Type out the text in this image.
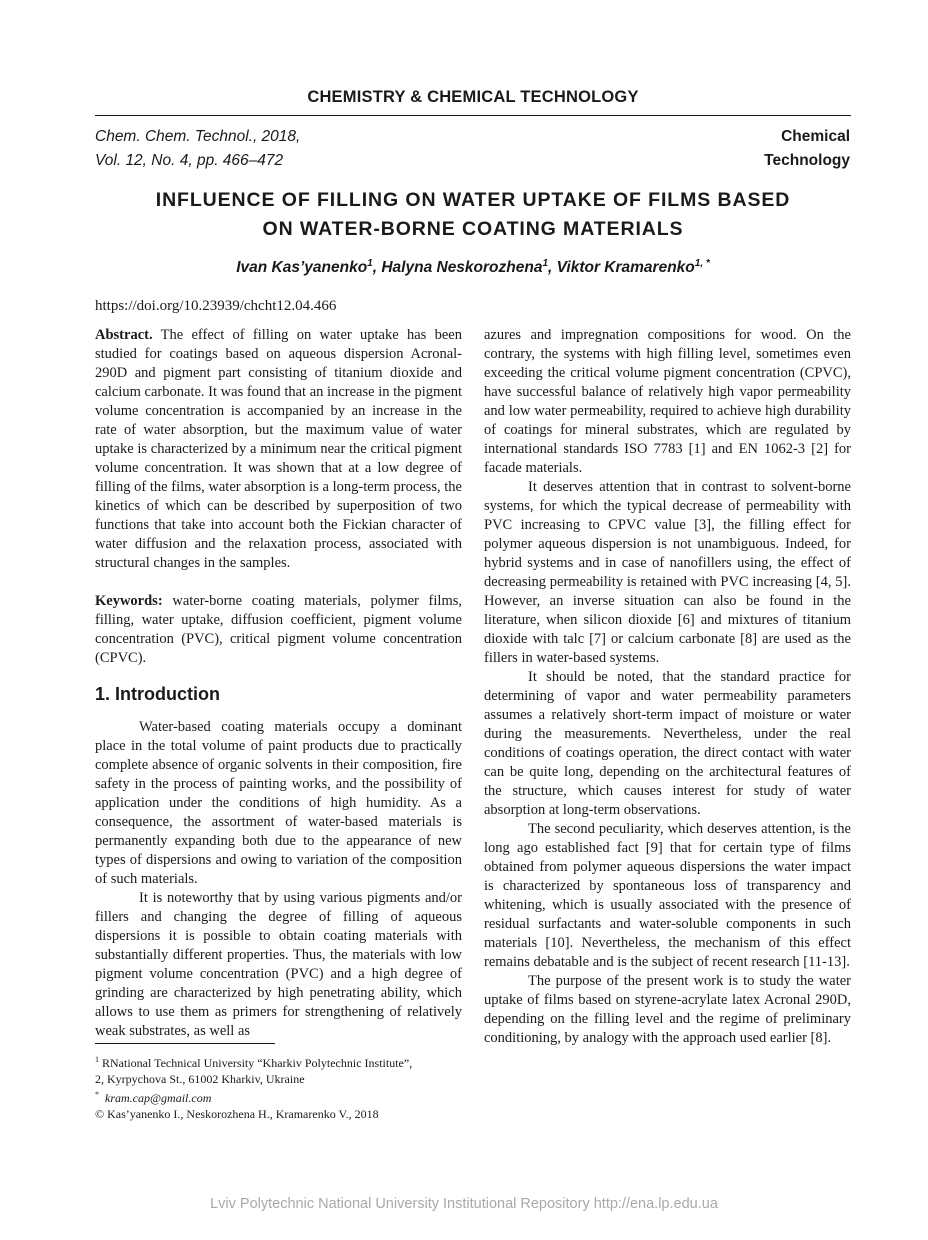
CHEMISTRY & CHEMICAL TECHNOLOGY
Chem. Chem. Technol., 2018,
Vol. 12, No. 4, pp. 466–472
Chemical
Technology
INFLUENCE OF FILLING ON WATER UPTAKE OF FILMS BASED
ON WATER-BORNE COATING MATERIALS
Ivan Kas’yanenko$^1$, Halyna Neskorozhena$^1$, Viktor Kramarenko$^{1, *}$
https://doi.org/10.23939/chcht12.04.466

Abstract. The effect of filling on water uptake has been studied for coatings based on aqueous dispersion Acronal-290D and pigment part consisting of titanium dioxide and calcium carbonate. It was found that an increase in the pigment volume concentration is accompanied by an increase in the rate of water absorption, but the maximum value of water uptake is characterized by a minimum near the critical pigment volume concentration. It was shown that at a low degree of filling of the films, water absorption is a long-term process, the kinetics of which can be described by superposition of two functions that take into account both the Fickian character of water diffusion and the relaxation process, associated with structural changes in the samples.

Keywords: water-borne coating materials, polymer films, filling, water uptake, diffusion coefficient, pigment volume concentration (PVC), critical pigment volume concentration (CPVC).

1. Introduction

Water-based coating materials occupy a dominant place in the total volume of paint products due to practically complete absence of organic solvents in their composition, fire safety in the process of painting works, and the possibility of application under the conditions of high humidity. As a consequence, the assortment of water-based materials is permanently expanding both due to the appearance of new types of dispersions and owing to variation of the composition of such materials.

It is noteworthy that by using various pigments and/or fillers and changing the degree of filling of aqueous dispersions it is possible to obtain coating materials with substantially different properties. Thus, the materials with low pigment volume concentration (PVC) and a high degree of grinding are characterized by high penetrating ability, which allows to use them as primers for strengthening of relatively weak substrates, as well as

azures and impregnation compositions for wood. On the contrary, the systems with high filling level, sometimes even exceeding the critical volume pigment concentration (CPVC), have successful balance of relatively high vapor permeability and low water permeability, required to achieve high durability of coatings for mineral substrates, which are regulated by international standards ISO 7783 [1] and EN 1062-3 [2] for facade materials.

It deserves attention that in contrast to solvent-borne systems, for which the typical decrease of permeability with PVC increasing to CPVC value [3], the filling effect for polymer aqueous dispersion is not unambiguous. Indeed, for hybrid systems and in case of nanofillers using, the effect of decreasing permeability is retained with PVC increasing [4, 5]. However, an inverse situation can also be found in the literature, when silicon dioxide [6] and mixtures of titanium dioxide with talc [7] or calcium carbonate [8] are used as the fillers in water-based systems.

It should be noted, that the standard practice for determining of vapor and water permeability parameters assumes a relatively short-term impact of moisture or water during the measurements. Nevertheless, under the real conditions of coatings operation, the direct contact with water can be quite long, depending on the architectural features of the structure, which causes interest for study of water absorption at long-term observations.

The second peculiarity, which deserves attention, is the long ago established fact [9] that for certain type of films obtained from polymer aqueous dispersions the water impact is characterized by spontaneous loss of transparency and whitening, which is usually associated with the presence of residual surfactants and water-soluble components in such materials [10]. Nevertheless, the mechanism of this effect remains debatable and is the subject of recent research [11-13].

The purpose of the present work is to study the water uptake of films based on styrene-acrylate latex Acronal 290D, depending on the filling level and the regime of preliminary conditioning, by analogy with the approach used earlier [8].

$^1$ RNational Technical University “Kharkiv Polytechnic Institute”,

2, Kyrpychova St., 61002 Kharkiv, Ukraine

* kram.cap@gmail.com

© Kas’yanenko I., Neskorozhena H., Kramarenko V., 2018

Lviv Polytechnic National University Institutional Repository http://ena.lp.edu.ua
